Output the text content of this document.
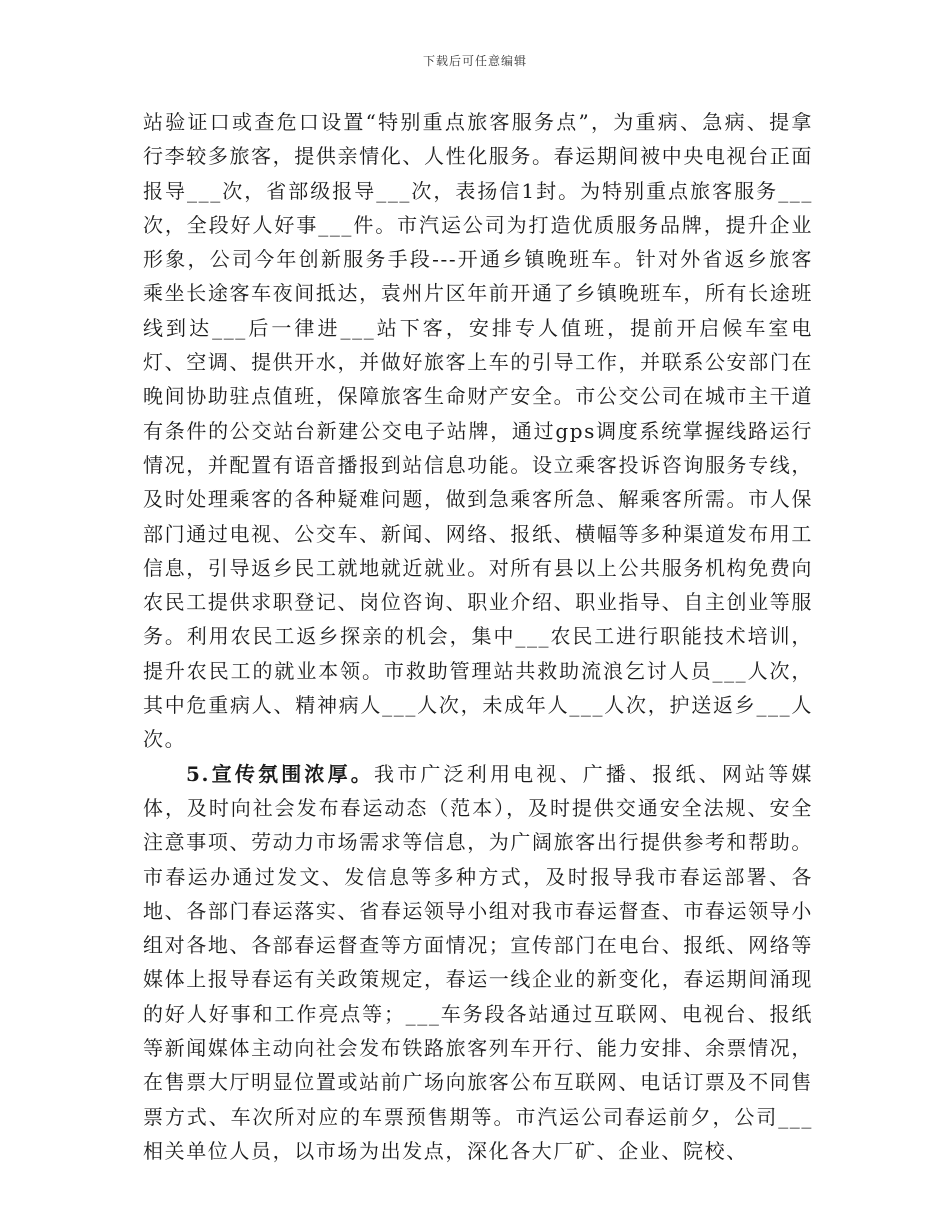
下载后可任意编辑

站验证口或查危口设置“特别重点旅客服务点”，为重病、急病、提拿行李较多旅客，提供亲情化、人性化服务。春运期间被中央电视台正面报导___次，省部级报导___次，表扬信1封。为特别重点旅客服务___次，全段好人好事___件。市汽运公司为打造优质服务品牌，提升企业形象，公司今年创新服务手段---开通乡镇晚班车。针对外省返乡旅客乘坐长途客车夜间抵达，袁州片区年前开通了乡镇晚班车，所有长途班线到达___后一律进___站下客，安排专人值班，提前开启候车室电灯、空调、提供开水，并做好旅客上车的引导工作，并联系公安部门在晚间协助驻点值班，保障旅客生命财产安全。市公交公司在城市主干道有条件的公交站台新建公交电子站牌，通过gps调度系统掌握线路运行情况，并配置有语音播报到站信息功能。设立乘客投诉咨询服务专线，及时处理乘客的各种疑难问题，做到急乘客所急、解乘客所需。市人保部门通过电视、公交车、新闻、网络、报纸、横幅等多种渠道发布用工信息，引导返乡民工就地就近就业。对所有县以上公共服务机构免费向农民工提供求职登记、岗位咨询、职业介绍、职业指导、自主创业等服务。利用农民工返乡探亲的机会，集中___农民工进行职能技术培训，提升农民工的就业本领。市救助管理站共救助流浪乞讨人员___人次，其中危重病人、精神病人___人次，未成年人___人次，护送返乡___人次。

5.宣传氛围浓厚。我市广泛利用电视、广播、报纸、网站等媒体，及时向社会发布春运动态（范本），及时提供交通安全法规、安全注意事项、劳动力市场需求等信息，为广阔旅客出行提供参考和帮助。市春运办通过发文、发信息等多种方式，及时报导我市春运部署、各地、各部门春运落实、省春运领导小组对我市春运督查、市春运领导小组对各地、各部春运督查等方面情况；宣传部门在电台、报纸、网络等媒体上报导春运有关政策规定，春运一线企业的新变化，春运期间涌现的好人好事和工作亮点等；___车务段各站通过互联网、电视台、报纸等新闻媒体主动向社会发布铁路旅客列车开行、能力安排、余票情况，在售票大厅明显位置或站前广场向旅客公布互联网、电话订票及不同售票方式、车次所对应的车票预售期等。市汽运公司春运前夕，公司___相关单位人员，以市场为出发点，深化各大厂矿、企业、院校、
